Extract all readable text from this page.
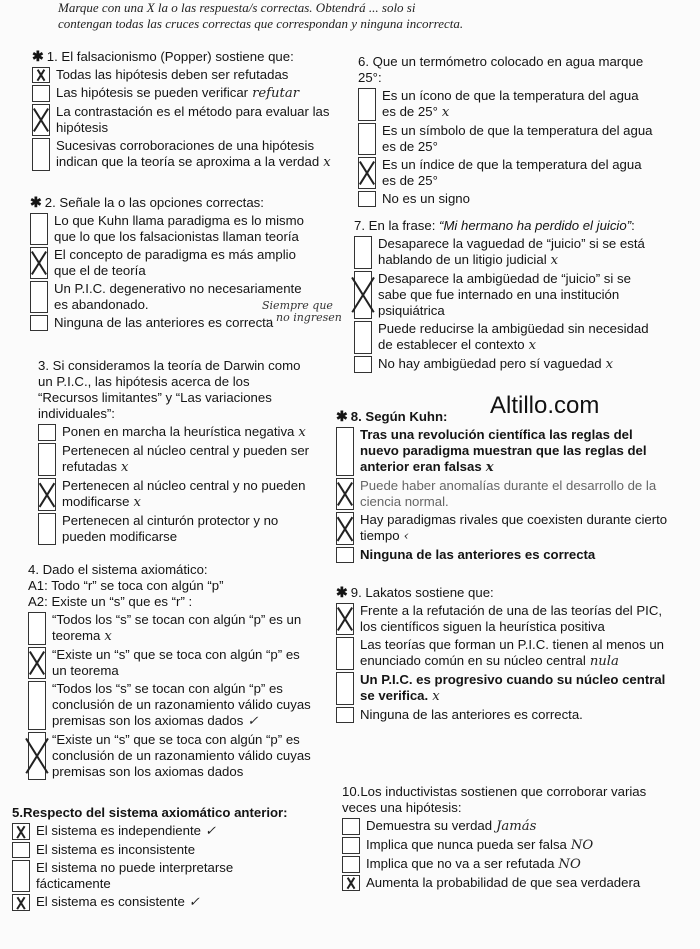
Marque con una X la o las respuesta/s correctas. Obtendrá ... solo si
contengan todas las cruces correctas que correspondan y ninguna incorrecta.
✱ 1. El falsacionismo (Popper) sostiene que:
Todas las hipótesis deben ser refutadas
Las hipótesis se pueden verificar refutar
La contrastación es el método para evaluar las hipótesis
Sucesivas corroboraciones de una hipótesis indican que la teoría se aproxima a la verdad x
✱ 2. Señale la o las opciones correctas:
Lo que Kuhn llama paradigma es lo mismo que lo que los falsacionistas llaman teoría
El concepto de paradigma es más amplio que el de teoría
Un P.I.C. degenerativo no necesariamente es abandonado.
Ninguna de las anteriores es correcta
Siempre que ... no ingresen
3. Si consideramos la teoría de Darwin como un P.I.C., las hipótesis acerca de los “Recursos limitantes” y “Las variaciones individuales”:
Ponen en marcha la heurística negativa x
Pertenecen al núcleo central y pueden ser refutadas x
Pertenecen al núcleo central y no pueden modificarse x
Pertenecen al cinturón protector y no pueden modificarse
4. Dado el sistema axiomático:
A1: Todo “r” se toca con algún “p”
A2: Existe un “s” que es “r” :
“Todos los “s” se tocan con algún “p” es un teorema x
“Existe un “s” que se toca con algún “p” es un teorema
“Todos los “s” se tocan con algún “p” es conclusión de un razonamiento válido cuyas premisas son los axiomas dados ✓
“Existe un “s” que se toca con algún “p” es conclusión de un razonamiento válido cuyas premisas son los axiomas dados
5.Respecto del sistema axiomático anterior:
El sistema es independiente ✓
El sistema es inconsistente
El sistema no puede interpretarse fácticamente
El sistema es consistente ✓
6. Que un termómetro colocado en agua marque 25°:
Es un ícono de que la temperatura del agua es de 25° x
Es un símbolo de que la temperatura del agua es de 25°
Es un índice de que la temperatura del agua es de 25°
No es un signo
7. En la frase: “Mi hermano ha perdido el juicio”:
Desaparece la vaguedad de “juicio” si se está hablando de un litigio judicial x
Desaparece la ambigüedad de “juicio” si se sabe que fue internado en una institución psiquiátrica
Puede reducirse la ambigüedad sin necesidad de establecer el contexto x
No hay ambigüedad pero sí vaguedad x
Altillo.com
✱ 8. Según Kuhn:
Tras una revolución científica las reglas del nuevo paradigma muestran que las reglas del anterior eran falsas x
Puede haber anomalías durante el desarrollo de la ciencia normal.
Hay paradigmas rivales que coexisten durante cierto tiempo ‹
Ninguna de las anteriores es correcta
✱ 9. Lakatos sostiene que:
Frente a la refutación de una de las teorías del PIC, los científicos siguen la heurística positiva
Las teorías que forman un P.I.C. tienen al menos un enunciado común en su núcleo central nula
Un P.I.C. es progresivo cuando su núcleo central se verifica. x
Ninguna de las anteriores es correcta.
10.Los inductivistas sostienen que corroborar varias veces una hipótesis:
Demuestra su verdad Jamás
Implica que nunca pueda ser falsa NO
Implica que no va a ser refutada NO
Aumenta la probabilidad de que sea verdadera
